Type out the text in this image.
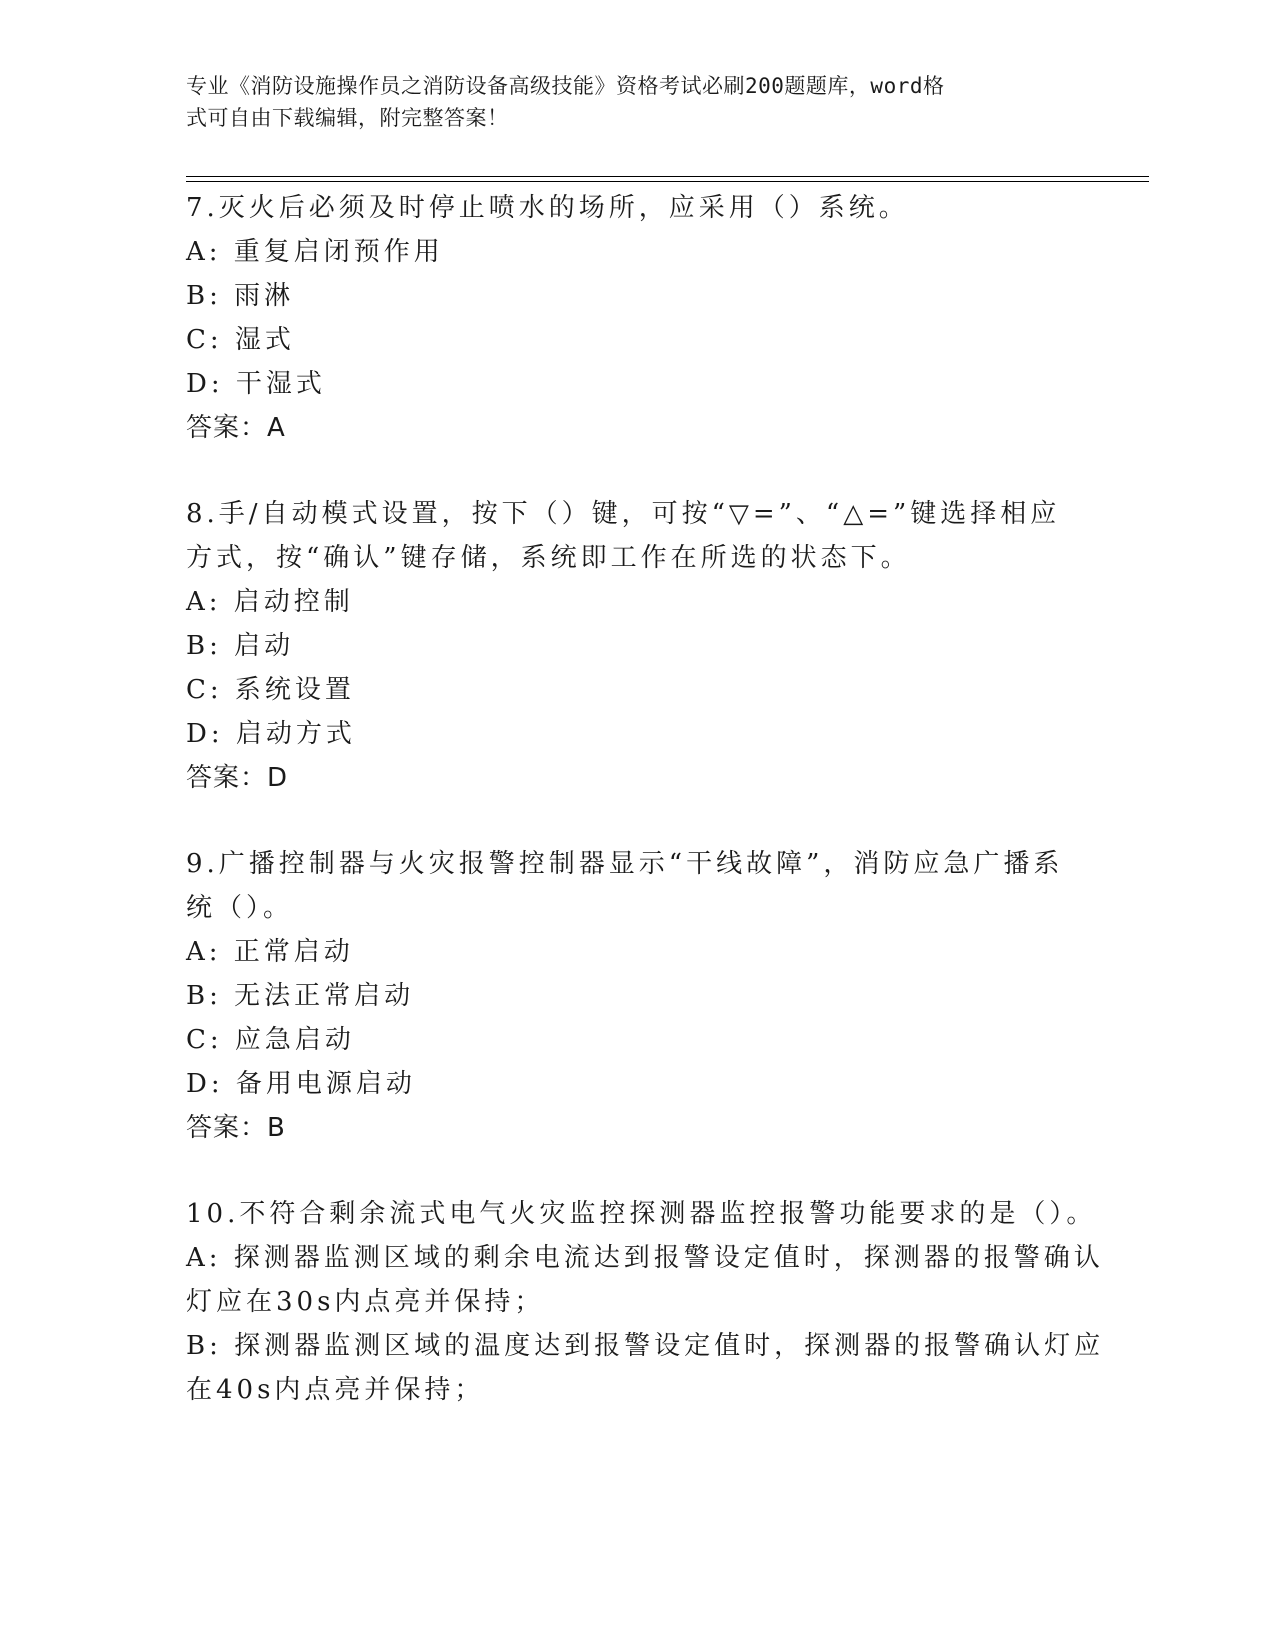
专业《消防设施操作员之消防设备高级技能》资格考试必刷200题题库，word格
式可自由下载编辑，附完整答案！
7.灭火后必须及时停止喷水的场所，应采用（）系统。
A: 重复启闭预作用
B: 雨淋
C: 湿式
D: 干湿式
答案：A
8.手/自动模式设置，按下（）键，可按“▽=”、“△=”键选择相应
方式，按“确认”键存储，系统即工作在所选的状态下。
A: 启动控制
B: 启动
C: 系统设置
D: 启动方式
答案：D
9.广播控制器与火灾报警控制器显示“干线故障”，消防应急广播系
统（）。
A: 正常启动
B: 无法正常启动
C: 应急启动
D: 备用电源启动
答案：B
10.不符合剩余流式电气火灾监控探测器监控报警功能要求的是（）。
A: 探测器监测区域的剩余电流达到报警设定值时，探测器的报警确认
灯应在30s内点亮并保持；
B: 探测器监测区域的温度达到报警设定值时，探测器的报警确认灯应
在40s内点亮并保持；
